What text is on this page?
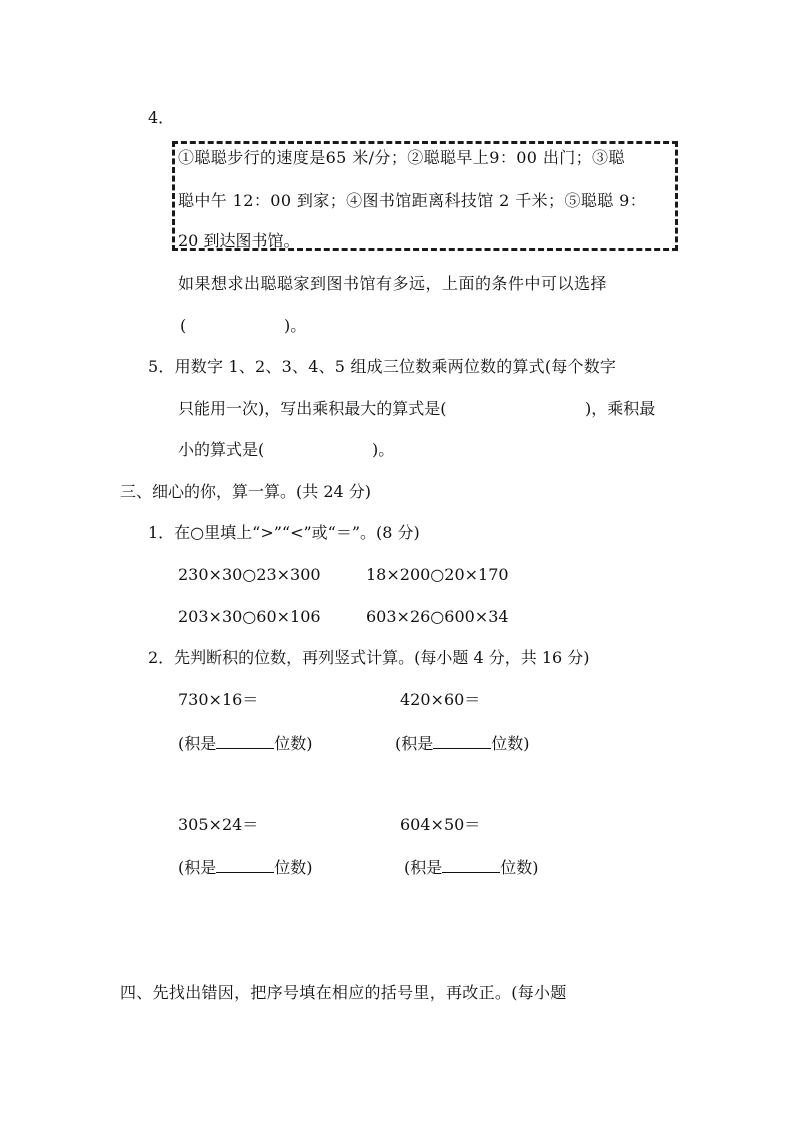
4．
①聪聪步行的速度是65 米/分；②聪聪早上9：00 出门；③聪
聪中午 12：00 到家；④图书馆距离科技馆 2 千米；⑤聪聪 9：
20 到达图书馆。
如果想求出聪聪家到图书馆有多远，上面的条件中可以选择
(	)。
5．用数字 1、2、3、4、5 组成三位数乘两位数的算式(每个数字
只能用一次)，写出乘积最大的算式是(	)，乘积最
小的算式是(	)。
三、细心的你，算一算。(共 24 分)
1．在○里填上“>”“<”或“＝”。(8 分)
230×30○23×300	18×200○20×170
203×30○60×106	603×26○600×34
2．先判断积的位数，再列竖式计算。(每小题 4 分，共 16 分)
730×16＝	420×60＝
(积是	位数)	(积是	位数)
305×24＝	604×50＝
(积是	位数)	(积是	位数)
四、先找出错因，把序号填在相应的括号里，再改正。(每小题
